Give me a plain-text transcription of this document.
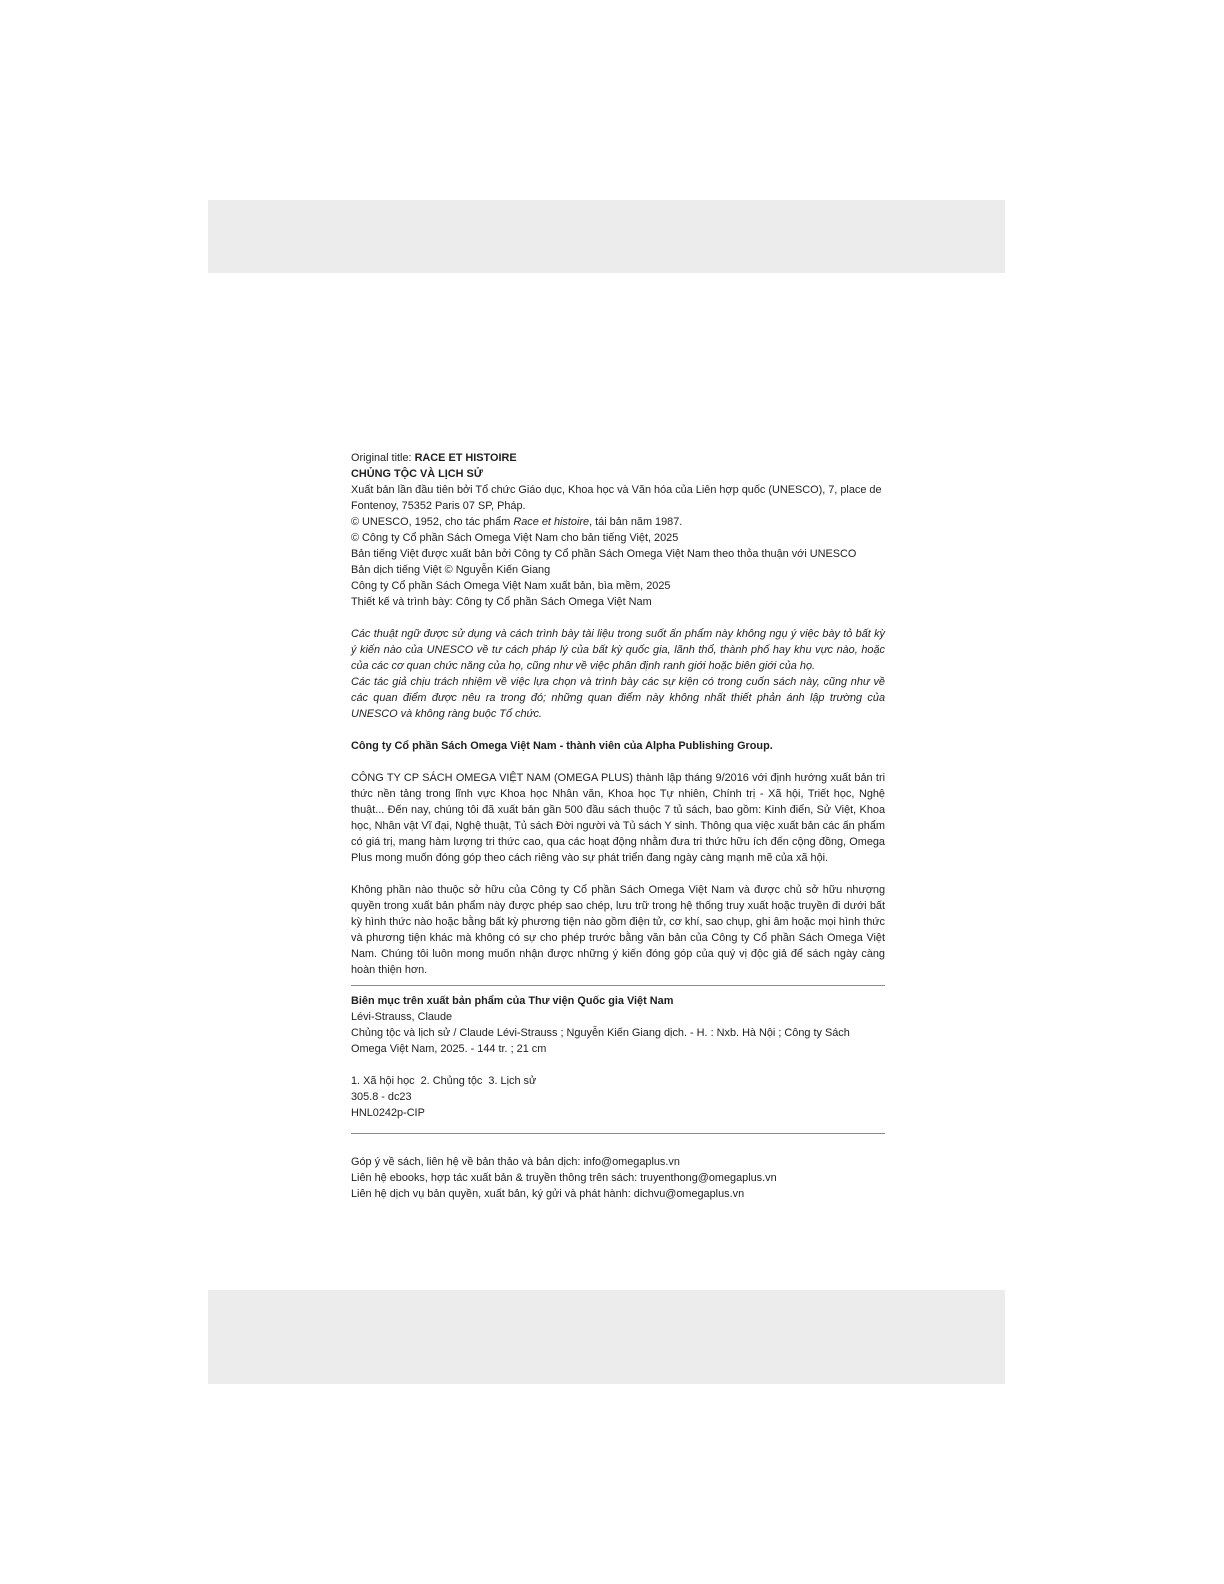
Original title: RACE ET HISTOIRE

CHỦNG TỘC VÀ LỊCH SỬ

Xuất bản lần đầu tiên bởi Tổ chức Giáo dục, Khoa học và Văn hóa của Liên hợp quốc (UNESCO), 7, place de

Fontenoy, 75352 Paris 07 SP, Pháp.

© UNESCO, 1952, cho tác phẩm Race et histoire, tái bản năm 1987.

© Công ty Cổ phần Sách Omega Việt Nam cho bản tiếng Việt, 2025

Bản tiếng Việt được xuất bản bởi Công ty Cổ phần Sách Omega Việt Nam theo thỏa thuận với UNESCO

Bản dịch tiếng Việt © Nguyễn Kiến Giang

Công ty Cổ phần Sách Omega Việt Nam xuất bản, bìa mềm, 2025

Thiết kế và trình bày: Công ty Cổ phần Sách Omega Việt Nam

Các thuật ngữ được sử dụng và cách trình bày tài liệu trong suốt ấn phẩm này không ngụ ý việc bày tỏ bất kỳ ý kiến nào của UNESCO về tư cách pháp lý của bất kỳ quốc gia, lãnh thổ, thành phố hay khu vực nào, hoặc của các cơ quan chức năng của họ, cũng như về việc phân định ranh giới hoặc biên giới của họ.

Các tác giả chịu trách nhiệm về việc lựa chọn và trình bày các sự kiện có trong cuốn sách này, cũng như về các quan điểm được nêu ra trong đó; những quan điểm này không nhất thiết phản ánh lập trường của UNESCO và không ràng buộc Tổ chức.

Công ty Cổ phần Sách Omega Việt Nam - thành viên của Alpha Publishing Group.

CÔNG TY CP SÁCH OMEGA VIỆT NAM (OMEGA PLUS) thành lập tháng 9/2016 với định hướng xuất bản tri thức nền tảng trong lĩnh vực Khoa học Nhân văn, Khoa học Tự nhiên, Chính trị - Xã hội, Triết học, Nghệ thuật... Đến nay, chúng tôi đã xuất bản gần 500 đầu sách thuộc 7 tủ sách, bao gồm: Kinh điển, Sử Việt, Khoa học, Nhân vật Vĩ đại, Nghệ thuật, Tủ sách Đời người và Tủ sách Y sinh. Thông qua việc xuất bản các ấn phẩm có giá trị, mang hàm lượng tri thức cao, qua các hoạt động nhằm đưa tri thức hữu ích đến cộng đồng, Omega Plus mong muốn đóng góp theo cách riêng vào sự phát triển đang ngày càng mạnh mẽ của xã hội.

Không phần nào thuộc sở hữu của Công ty Cổ phần Sách Omega Việt Nam và được chủ sở hữu nhượng quyền trong xuất bản phẩm này được phép sao chép, lưu trữ trong hệ thống truy xuất hoặc truyền đi dưới bất kỳ hình thức nào hoặc bằng bất kỳ phương tiện nào gồm điện tử, cơ khí, sao chụp, ghi âm hoặc mọi hình thức và phương tiện khác mà không có sự cho phép trước bằng văn bản của Công ty Cổ phần Sách Omega Việt Nam. Chúng tôi luôn mong muốn nhận được những ý kiến đóng góp của quý vị độc giả để sách ngày càng hoàn thiện hơn.

Biên mục trên xuất bản phẩm của Thư viện Quốc gia Việt Nam

Lévi-Strauss, Claude

Chủng tộc và lịch sử / Claude Lévi-Strauss ; Nguyễn Kiến Giang dịch. - H. : Nxb. Hà Nội ; Công ty Sách

Omega Việt Nam, 2025. - 144 tr. ; 21 cm

1. Xã hội học  2. Chủng tộc  3. Lịch sử

305.8 - dc23

HNL0242p-CIP

Góp ý về sách, liên hệ về bản thảo và bản dịch: info@omegaplus.vn

Liên hệ ebooks, hợp tác xuất bản & truyền thông trên sách: truyenthong@omegaplus.vn

Liên hệ dịch vụ bản quyền, xuất bản, ký gửi và phát hành: dichvu@omegaplus.vn
